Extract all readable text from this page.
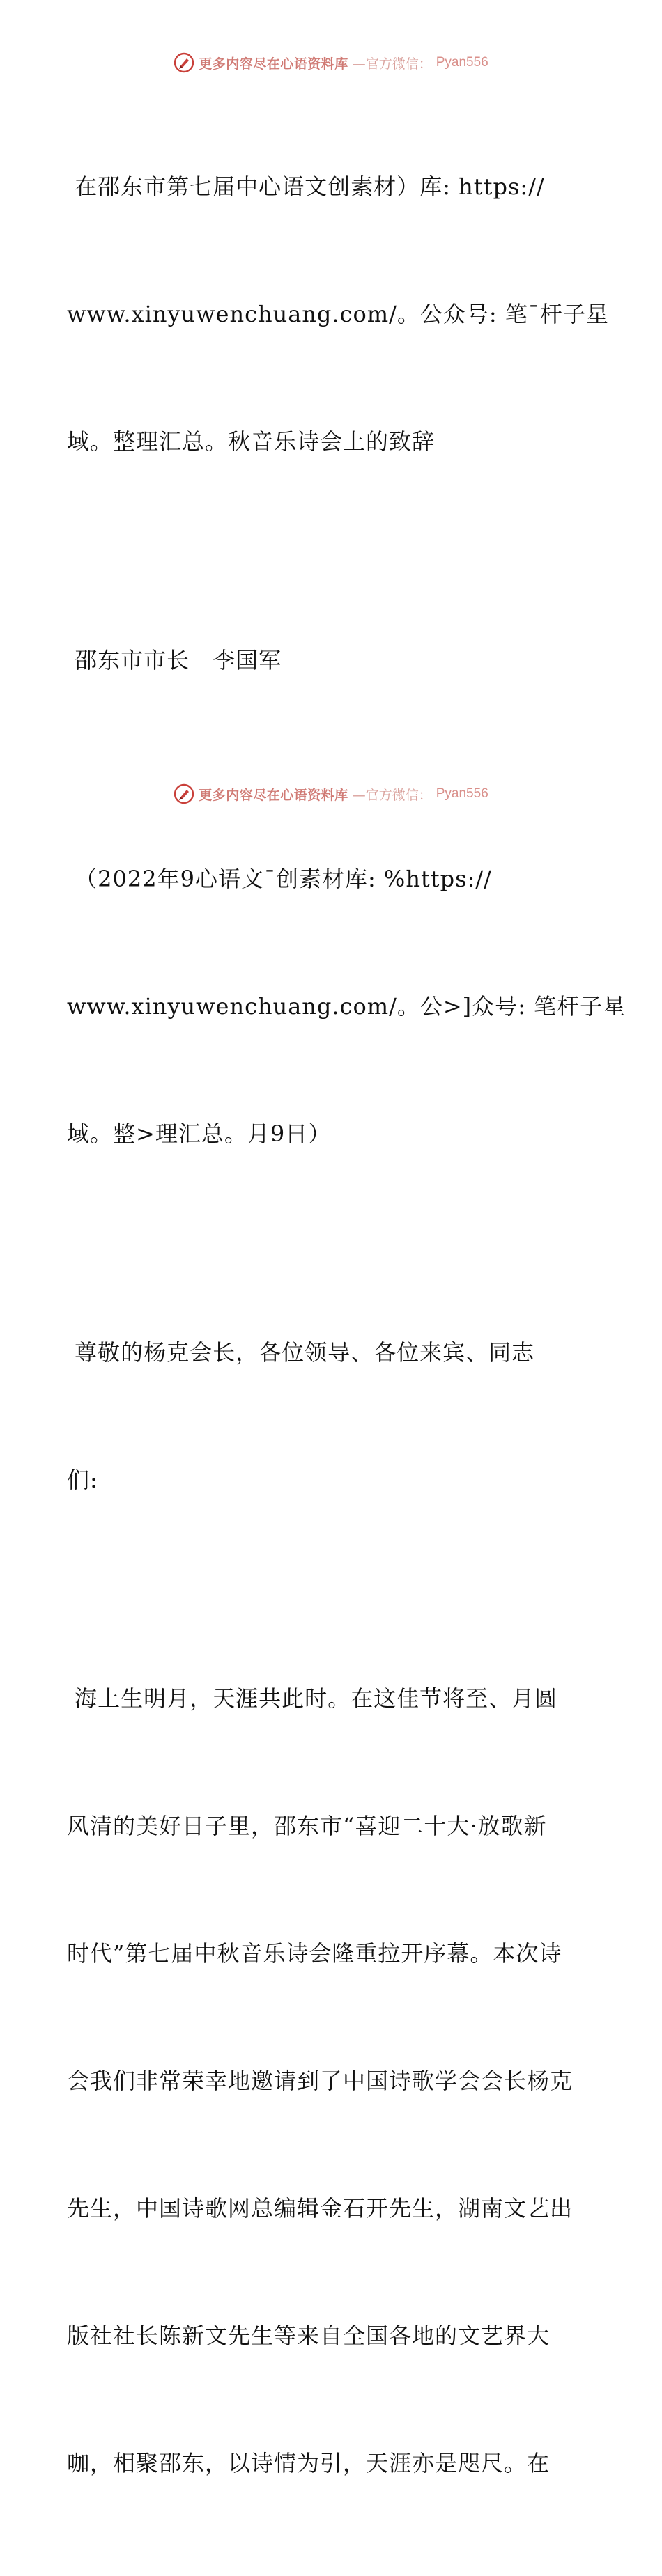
更多内容尽在心语资料库 —官方微信： Pyan556

在邵东市第七届中心语文创素材）库: https://

www.xinyuwenchuang.com/。公众号: 笔¯杆子星

域。整理汇总。秋音乐诗会上的致辞

邵东市市长　李国军

（2022年9心语文¯创素材库: %https://

www.xinyuwenchuang.com/。公>]众号: 笔杆子星

域。整>理汇总。月9日）

尊敬的杨克会长，各位领导、各位来宾、同志

们:

海上生明月，天涯共此时。在这佳节将至、月圆

风清的美好日子里，邵东市“喜迎二十大·放歌新

时代”第七届中秋音乐诗会隆重拉开序幕。本次诗

会我们非常荣幸地邀请到了中国诗歌学会会长杨克

先生，中国诗歌网总编辑金石开先生，湖南文艺出

版社社长陈新文先生等来自全国各地的文艺界大

咖，相聚邵东，以诗情为引，天涯亦是咫尺。在

更多内容尽在心语资料库 —官方微信： Pyan556
